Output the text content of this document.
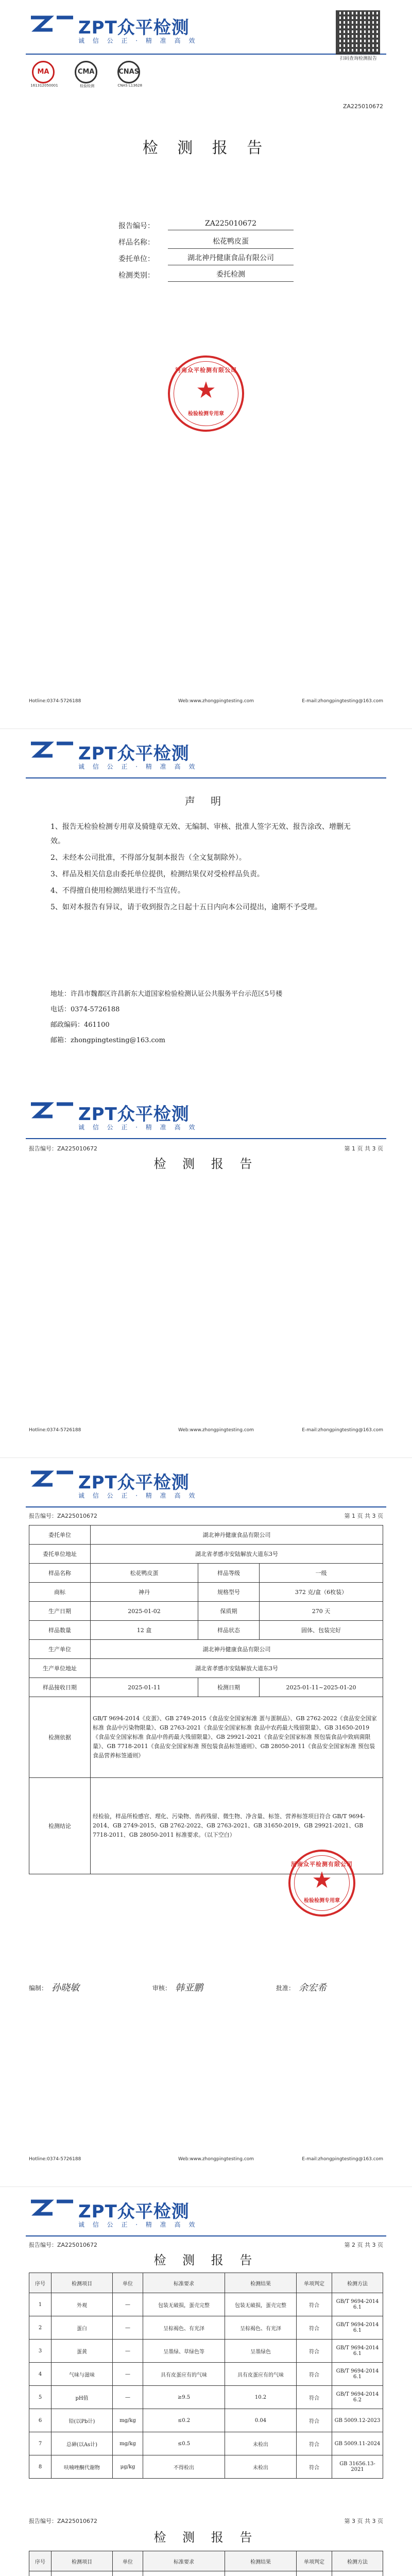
ZPT众平检测
诚 信 公 正 · 精 准 高 效
扫码查询检测报告
MA
161312050001

CMA
检验检测

CNAS
CNAS L13628
ZA225010672
检 测 报 告
报告编号：	ZA225010672
样品名称：	松花鸭皮蛋
委托单位：	湖北神丹健康食品有限公司
检测类别：	委托检测
河南众平检测有限公司
★
检验检测专用章
Hotline:0374-5726188	Web:www.zhongpingtesting.com	E-mail:zhongpingtesting@163.com
ZPT众平检测
诚 信 公 正 · 精 准 高 效
声 明

1、报告无检验检测专用章及骑缝章无效、无编制、审核、批准人签字无效、报告涂改、增删无效。

2、未经本公司批准，不得部分复制本报告（全文复制除外）。

3、样品及相关信息由委托单位提供，检测结果仅对受检样品负责。

4、不得擅自使用检测结果进行不当宣传。

5、如对本报告有异议，请于收到报告之日起十五日内向本公司提出，逾期不予受理。

地址：许昌市魏都区许昌新东大道国家检验检测认证公共服务平台示范区5号楼
电话：0374-5726188
邮政编码：461100
邮箱：zhongpingtesting@163.com
ZPT众平检测
诚 信 公 正 · 精 准 高 效
报告编号：ZA225010672	第 1 页 共 3 页
检 测 报 告
Hotline:0374-5726188	Web:www.zhongpingtesting.com	E-mail:zhongpingtesting@163.com
ZPT众平检测
诚 信 公 正 · 精 准 高 效
报告编号：ZA225010672	第 1 页 共 3 页
委托单位	湖北神丹健康食品有限公司		
委托单位地址	湖北省孝感市安陆解放大道东3号		
样品名称	松花鸭皮蛋	样品等级	一级
商标	神丹	规格型号	372 克/盒（6枚装）
生产日期	2025-01-02	保质期	270 天
样品数量	12 盒	样品状态	固体、包装完好
生产单位	湖北神丹健康食品有限公司		
生产单位地址	湖北省孝感市安陆解放大道东3号		
样品接收日期	2025-01-11	检测日期	2025-01-11~2025-01-20
检测依据	GB/T 9694-2014《皮蛋》、GB 2749-2015《食品安全国家标准 蛋与蛋制品》、GB 2762-2022《食品安全国家标准 食品中污染物限量》、GB 2763-2021《食品安全国家标准 食品中农药最大残留限量》、GB 31650-2019《食品安全国家标准 食品中兽药最大残留限量》、GB 29921-2021《食品安全国家标准 预包装食品中致病菌限量》、GB 7718-2011《食品安全国家标准 预包装食品标签通则》、GB 28050-2011《食品安全国家标准 预包装食品营养标签通则》		
检测结论	经检验，样品所检感官、理化、污染物、兽药残留、微生物、净含量、标签、营养标签项目符合 GB/T 9694-2014、GB 2749-2015、GB 2762-2022、GB 2763-2021、GB 31650-2019、GB 29921-2021、GB 7718-2011、GB 28050-2011 标准要求。（以下空白）		
河南众平检测有限公司
★
检验检测专用章
编制： 孙晓敏	审核： 韩亚鹏	批准： 余宏希
Hotline:0374-5726188	Web:www.zhongpingtesting.com	E-mail:zhongpingtesting@163.com
ZPT众平检测
诚 信 公 正 · 精 准 高 效
报告编号：ZA225010672	第 2 页 共 3 页
检 测 报 告
序号	检测项目	单位	标准要求	检测结果	单项判定	检测方法
1	外观	—	包装无破损，蛋壳完整	包装无破损，蛋壳完整	符合	GB/T 9694-2014 6.1
2	蛋白	—	呈棕褐色、有光泽	呈棕褐色、有光泽	符合	GB/T 9694-2014 6.1
3	蛋黄	—	呈墨绿、草绿色等	呈墨绿色	符合	GB/T 9694-2014 6.1
4	气味与滋味	—	具有皮蛋应有的气味	具有皮蛋应有的气味	符合	GB/T 9694-2014 6.1
5	pH值	—	≥9.5	10.2	符合	GB/T 9694-2014 6.2
6	铅(以Pb计)	mg/kg	≤0.2	0.04	符合	GB 5009.12-2023
7	总砷(以As计)	mg/kg	≤0.5	未检出	符合	GB 5009.11-2024
8	呋喃唑酮代谢物	μg/kg	不得检出	未检出	符合	GB 31656.13-2021
报告编号：ZA225010672	第 3 页 共 3 页
检 测 报 告
序号	检测项目	单位	标准要求	检测结果	单项判定	检测方法
